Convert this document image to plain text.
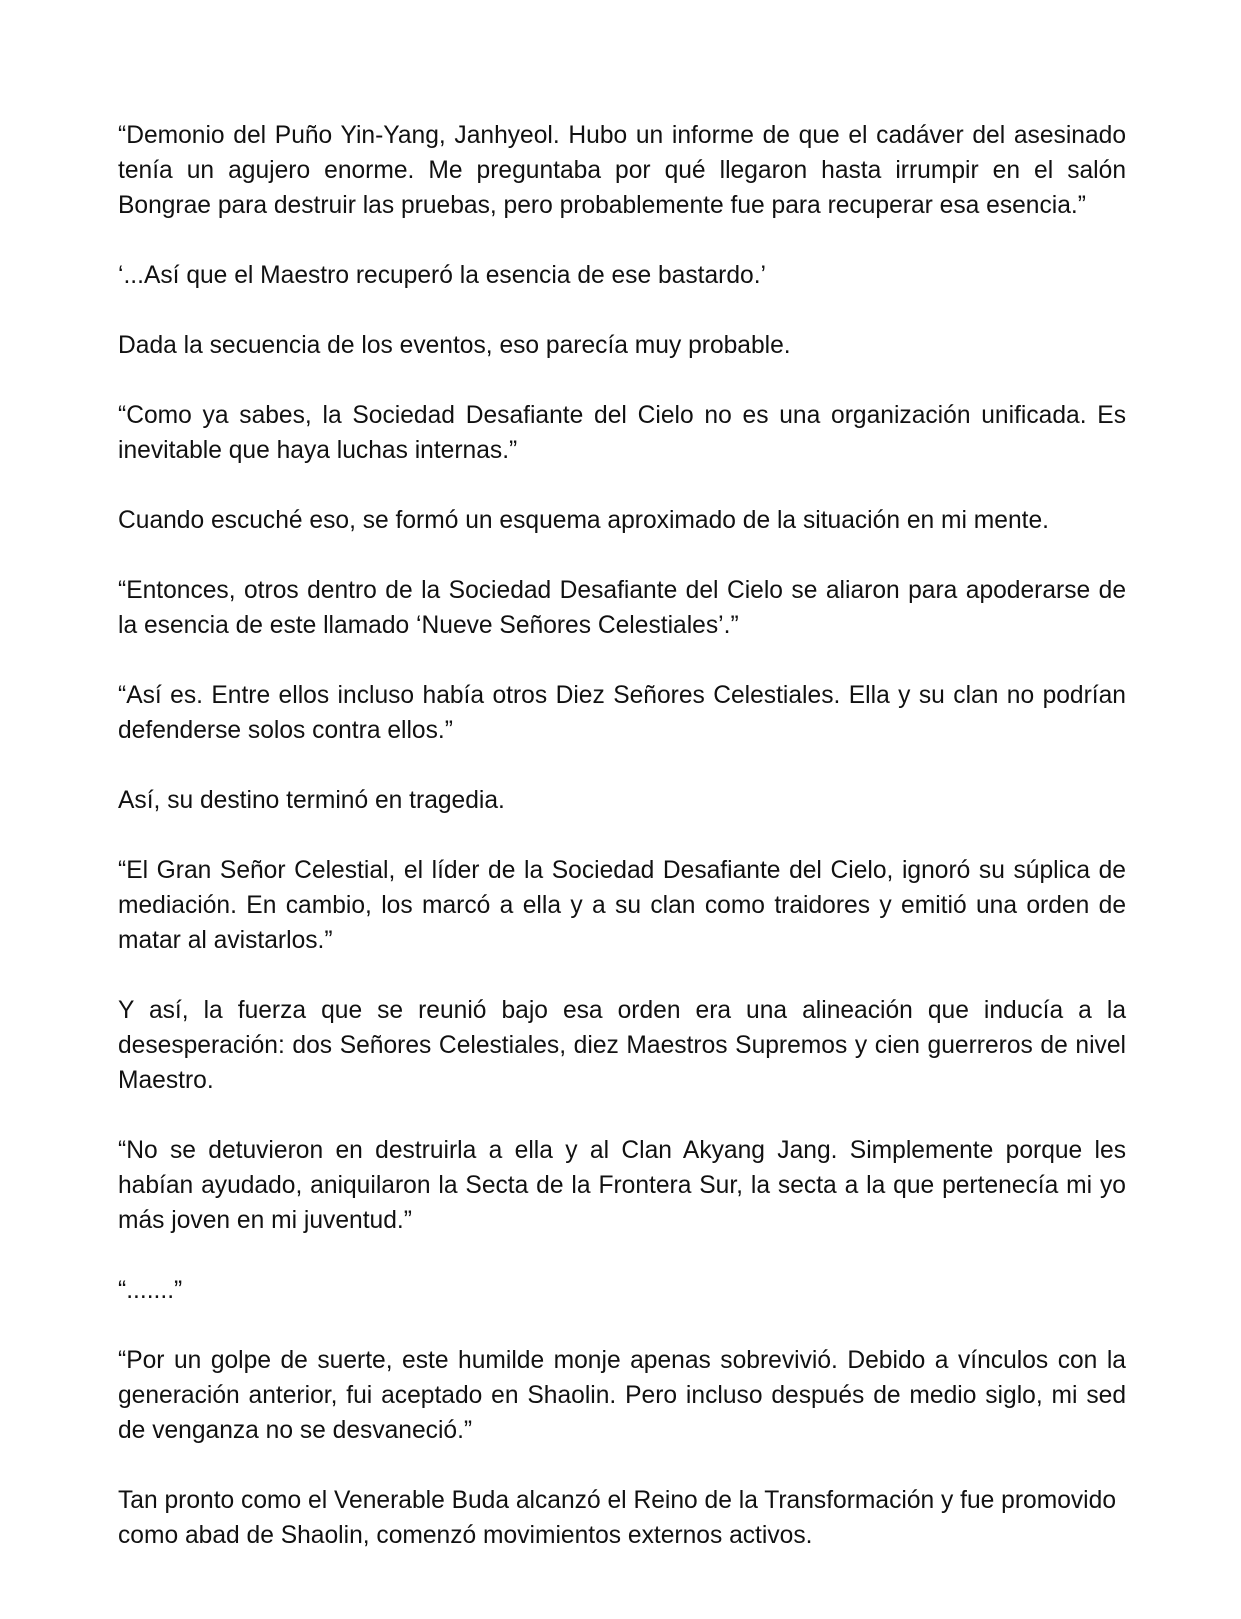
“Demonio del Puño Yin-Yang, Janhyeol. Hubo un informe de que el cadáver del asesinado tenía un agujero enorme. Me preguntaba por qué llegaron hasta irrumpir en el salón Bongrae para destruir las pruebas, pero probablemente fue para recuperar esa esencia.”

‘...Así que el Maestro recuperó la esencia de ese bastardo.’

Dada la secuencia de los eventos, eso parecía muy probable.

“Como ya sabes, la Sociedad Desafiante del Cielo no es una organización unificada. Es inevitable que haya luchas internas.”

Cuando escuché eso, se formó un esquema aproximado de la situación en mi mente.

“Entonces, otros dentro de la Sociedad Desafiante del Cielo se aliaron para apoderarse de la esencia de este llamado ‘Nueve Señores Celestiales’.”

“Así es. Entre ellos incluso había otros Diez Señores Celestiales. Ella y su clan no podrían defenderse solos contra ellos.”

Así, su destino terminó en tragedia.

“El Gran Señor Celestial, el líder de la Sociedad Desafiante del Cielo, ignoró su súplica de mediación. En cambio, los marcó a ella y a su clan como traidores y emitió una orden de matar al avistarlos.”

Y así, la fuerza que se reunió bajo esa orden era una alineación que inducía a la desesperación: dos Señores Celestiales, diez Maestros Supremos y cien guerreros de nivel Maestro.

“No se detuvieron en destruirla a ella y al Clan Akyang Jang. Simplemente porque les habían ayudado, aniquilaron la Secta de la Frontera Sur, la secta a la que pertenecía mi yo más joven en mi juventud.”

“.......”

“Por un golpe de suerte, este humilde monje apenas sobrevivió. Debido a vínculos con la generación anterior, fui aceptado en Shaolin. Pero incluso después de medio siglo, mi sed de venganza no se desvaneció.”

Tan pronto como el Venerable Buda alcanzó el Reino de la Transformación y fue promovido como abad de Shaolin, comenzó movimientos externos activos.
